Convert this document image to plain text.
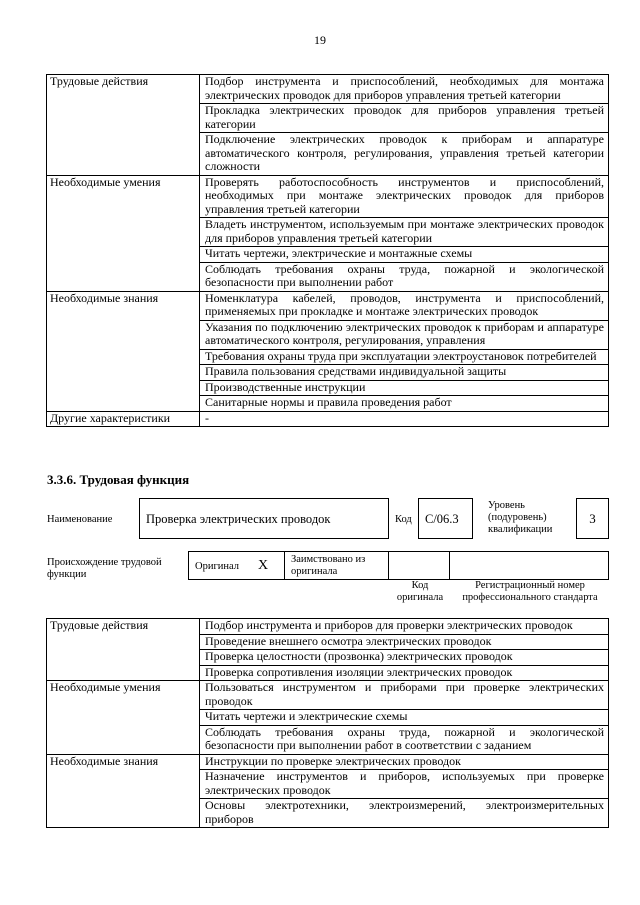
19
Трудовые действия	Подбор инструмента и приспособлений, необходимых для монтажа электрических проводок для приборов управления третьей категории
	Прокладка электрических проводок для приборов управления третьей категории
	Подключение электрических проводок к приборам и аппаратуре автоматического контроля, регулирования, управления третьей категории сложности
Необходимые умения	Проверять работоспособность инструментов и приспособлений, необходимых при монтаже электрических проводок для приборов управления третьей категории
	Владеть инструментом, используемым при монтаже электрических проводок для приборов управления третьей категории
	Читать чертежи, электрические и монтажные схемы
	Соблюдать требования охраны труда, пожарной и экологической безопасности при выполнении работ
Необходимые знания	Номенклатура кабелей, проводов, инструмента и приспособлений, применяемых при прокладке и монтаже электрических проводок
	Указания по подключению электрических проводок к приборам и аппаратуре автоматического контроля, регулирования, управления
	Требования охраны труда при эксплуатации электроустановок потребителей
	Правила пользования средствами индивидуальной защиты
	Производственные инструкции
	Санитарные нормы и правила проведения работ
Другие характеристики	-
3.3.6. Трудовая функция
Наименование	Проверка электрических проводок	Код C/06.3
Уровень (подуровень) квалификации
3
Происхождение трудовой функции
Оригинал X Заимствовано из оригинала
Код оригинала
Регистрационный номер профессионального стандарта
Трудовые действия	Подбор инструмента и приборов для проверки электрических проводок
	Проведение внешнего осмотра электрических проводок
	Проверка целостности (прозвонка) электрических проводок
	Проверка сопротивления изоляции электрических проводок
Необходимые умения	Пользоваться инструментом и приборами при проверке электрических проводок
	Читать чертежи и электрические схемы
	Соблюдать требования охраны труда, пожарной и экологической безопасности при выполнении работ в соответствии с заданием
Необходимые знания	Инструкции по проверке электрических проводок
	Назначение инструментов и приборов, используемых при проверке электрических проводок
	Основы электротехники, электроизмерений, электроизмерительных приборов
